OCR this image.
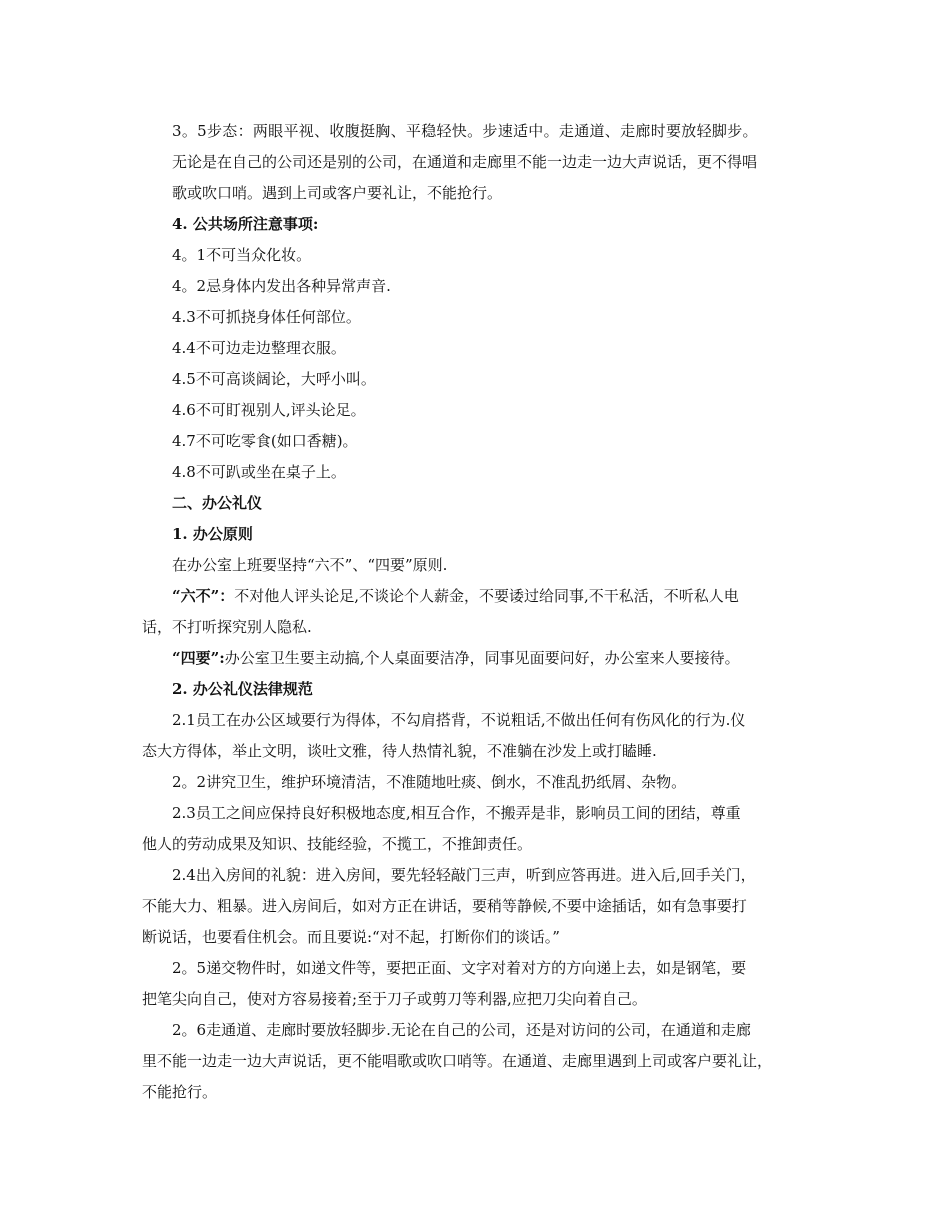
3。5步态：两眼平视、收腹挺胸、平稳轻快。步速适中。走通道、走廊时要放轻脚步。
无论是在自己的公司还是别的公司，在通道和走廊里不能一边走一边大声说话，更不得唱
歌或吹口哨。遇到上司或客户要礼让，不能抢行。
4. 公共场所注意事项:
4。1不可当众化妆。
4。2忌身体内发出各种异常声音.
4.3不可抓挠身体任何部位。
4.4不可边走边整理衣服。
4.5不可高谈阔论，大呼小叫。
4.6不可盯视别人,评头论足。
4.7不可吃零食(如口香糖)。
4.8不可趴或坐在桌子上。
二、办公礼仪
1. 办公原则
在办公室上班要坚持“六不”、“四要”原则.
“六不”：不对他人评头论足,不谈论个人薪金，不要诿过给同事,不干私活，不听私人电
话，不打听探究别人隐私.
“四要”:办公室卫生要主动搞,个人桌面要洁净，同事见面要问好，办公室来人要接待。
2. 办公礼仪法律规范
2.1员工在办公区域要行为得体，不勾肩搭背，不说粗话,不做出任何有伤风化的行为.仪
态大方得体，举止文明，谈吐文雅，待人热情礼貌，不准躺在沙发上或打瞌睡.
2。2讲究卫生，维护环境清洁，不准随地吐痰、倒水，不准乱扔纸屑、杂物。
2.3员工之间应保持良好积极地态度,相互合作，不搬弄是非，影响员工间的团结，尊重
他人的劳动成果及知识、技能经验，不揽工，不推卸责任。
2.4出入房间的礼貌：进入房间，要先轻轻敲门三声，听到应答再进。进入后,回手关门，
不能大力、粗暴。进入房间后，如对方正在讲话，要稍等静候,不要中途插话，如有急事要打
断说话，也要看住机会。而且要说:“对不起，打断你们的谈话。”
2。5递交物件时，如递文件等，要把正面、文字对着对方的方向递上去，如是钢笔，要
把笔尖向自己，使对方容易接着;至于刀子或剪刀等利器,应把刀尖向着自己。
2。6走通道、走廊时要放轻脚步.无论在自己的公司，还是对访问的公司，在通道和走廊
里不能一边走一边大声说话，更不能唱歌或吹口哨等。在通道、走廊里遇到上司或客户要礼让，
不能抢行。
